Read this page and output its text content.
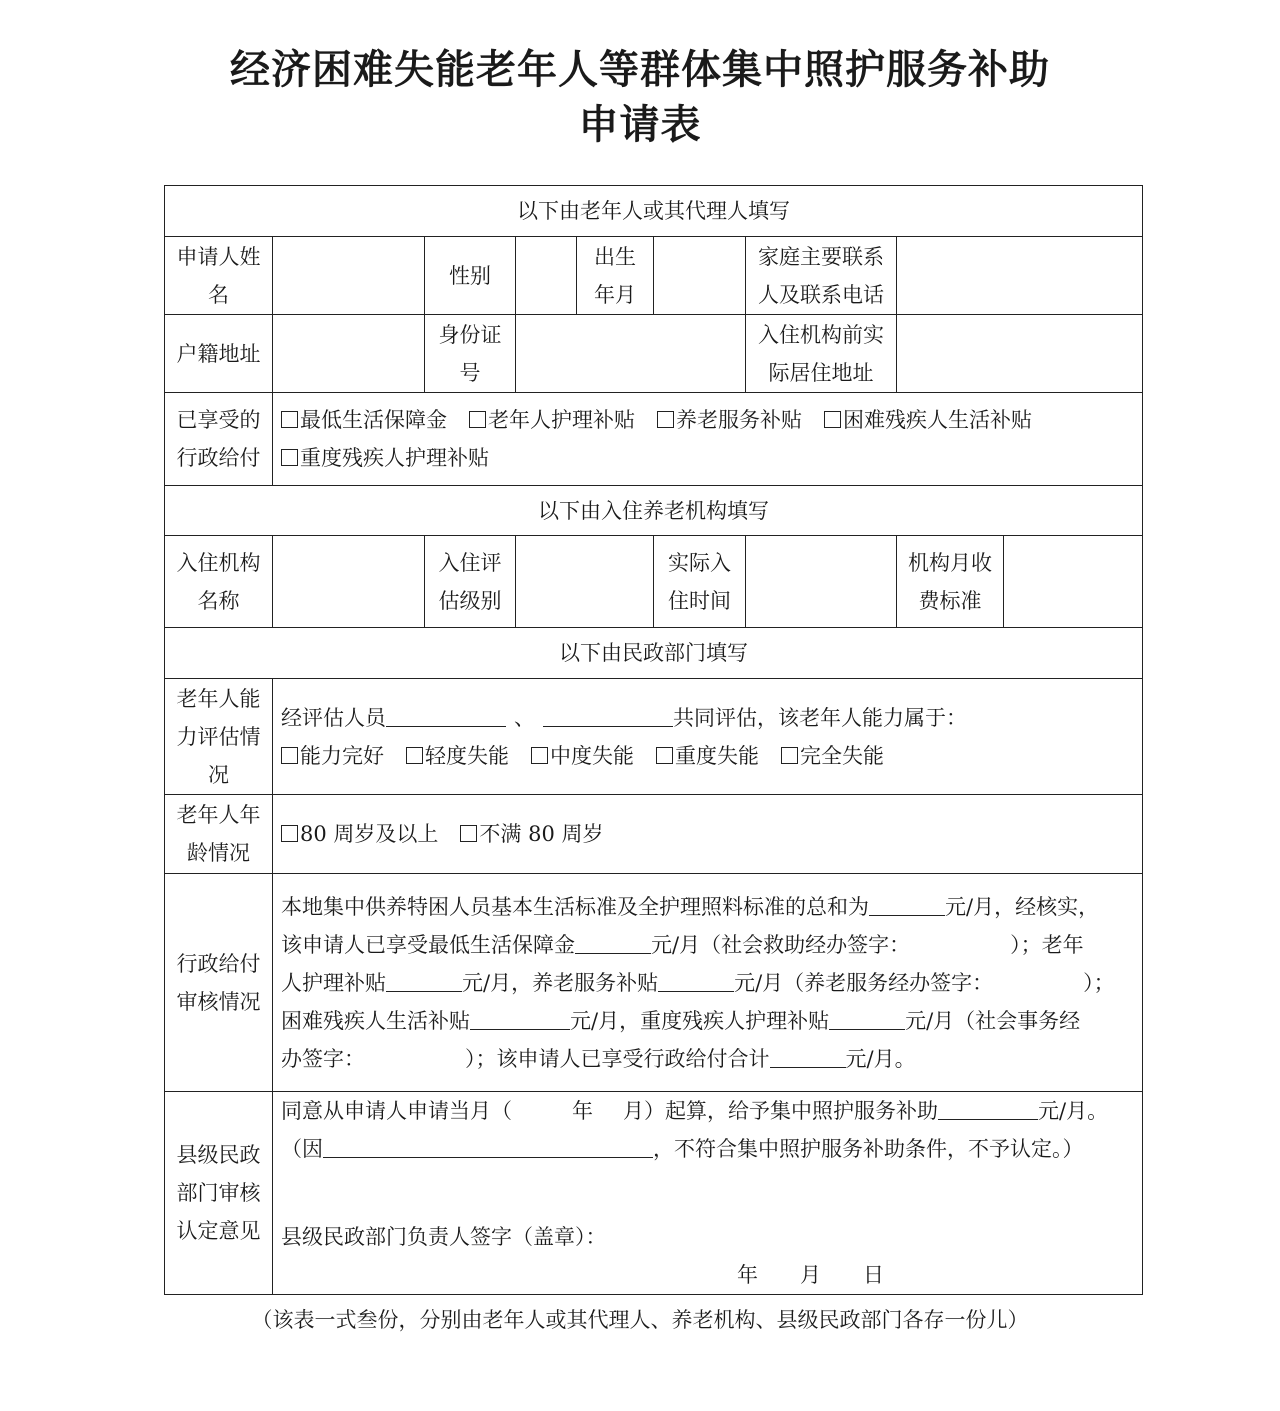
经济困难失能老年人等群体集中照护服务补助
申请表
以下由老年人或其代理人填写								
申请人姓名		性别		出生年月		家庭主要联系人及联系电话		
户籍地址		身份证号				入住机构前实际居住地址		
已享受的行政给付	最低生活保障金 老年人护理补贴 养老服务补贴 困难残疾人生活补贴
重度残疾人护理补贴							
以下由入住养老机构填写								
入住机构名称		入住评估级别			实际入住时间		机构月收费标准	
以下由民政部门填写								
老年人能力评估情况	经评估人员 、 共同评估，该老年人能力属于：
能力完好 轻度失能 中度失能 重度失能 完全失能							
老年人年龄情况	80 周岁及以上 不满 80 周岁							
行政给付审核情况	本地集中供养特困人员基本生活标准及全护理照料标准的总和为 元/月，经核实，
该申请人已享受最低生活保障金 元/月（社会救助经办签字： ）；老年
人护理补贴 元/月，养老服务补贴 元/月（养老服务经办签字： ）；
困难残疾人生活补贴 元/月，重度残疾人护理补贴 元/月（社会事务经
办签字： ）；该申请人已享受行政给付合计 元/月。							
县级民政部门审核认定意见	同意从申请人申请当月（ 年 月）起算，给予集中照护服务补助 元/月。
（因 ，不符合集中照护服务补助条件，不予认定。）

县级民政部门负责人签字（盖章）：

年　　月　　日							
（该表一式叁份，分别由老年人或其代理人、养老机构、县级民政部门各存一份儿）
